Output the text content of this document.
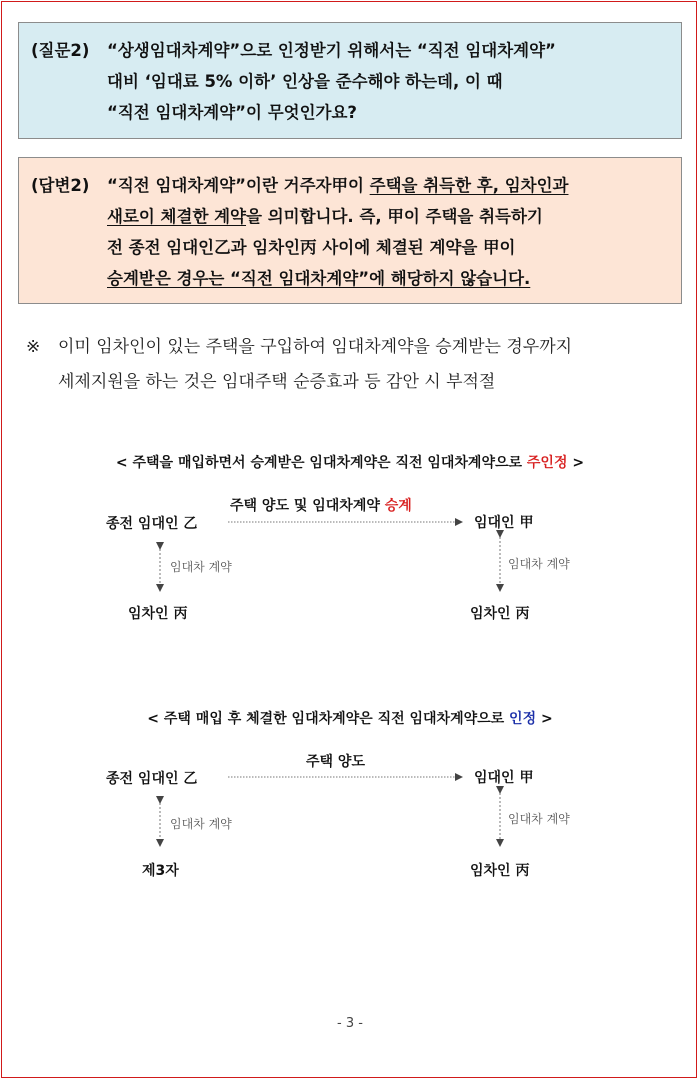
(질문2) “상생임대차계약”으로 인정받기 위해서는 “직전 임대차계약”
대비 ‘임대료 5% 이하’ 인상을 준수해야 하는데, 이 때
“직전 임대차계약”이 무엇인가요?
(답변2) “직전 임대차계약”이란 거주자甲이 주택을 취득한 후, 임차인과
새로이 체결한 계약을 의미합니다. 즉, 甲이 주택을 취득하기
전 종전 임대인乙과 임차인丙 사이에 체결된 계약을 甲이
승계받은 경우는 “직전 임대차계약”에 해당하지 않습니다.
※ 이미 임차인이 있는 주택을 구입하여 임대차계약을 승계받는 경우까지
세제지원을 하는 것은 임대주택 순증효과 등 감안 시 부적절
< 주택을 매입하면서 승계받은 임대차계약은 직전 임대차계약으로 주인정 >
주택 양도 및 임대차계약 승계
종전 임대인 乙	임대인 甲
임대차 계약	임대차 계약
임차인 丙	임차인 丙
< 주택 매입 후 체결한 임대차계약은 직전 임대차계약으로 인정 >
주택 양도
종전 임대인 乙	임대인 甲
임대차 계약	임대차 계약
제3자	임차인 丙
- 3 -
